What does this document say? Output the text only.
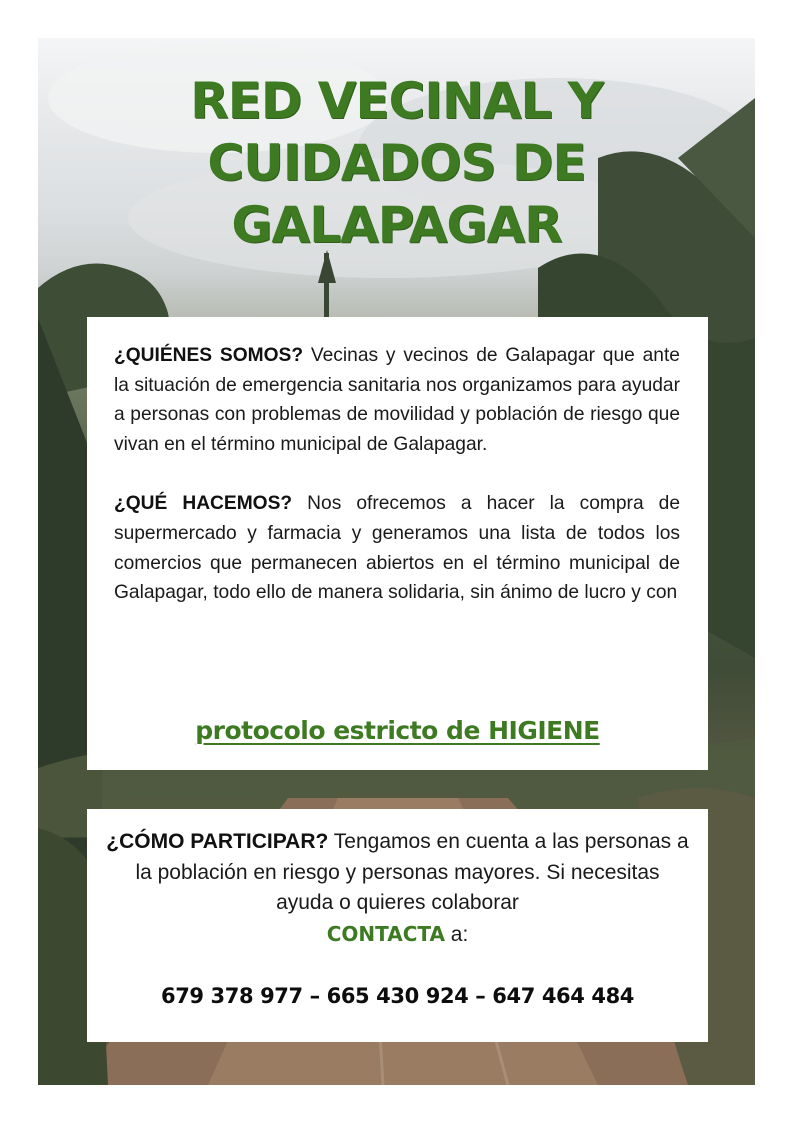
RED VECINAL Y
CUIDADOS DE
GALAPAGAR

¿QUIÉNES SOMOS? Vecinas y vecinos de Galapagar que ante la situación de emergencia sanitaria nos organizamos para ayudar a personas con problemas de movilidad y población de riesgo que vivan en el término municipal de Galapagar.

¿QUÉ HACEMOS? Nos ofrecemos a hacer la compra de supermercado y farmacia y generamos una lista de todos los comercios que permanecen abiertos en el término municipal de Galapagar, todo ello de manera solidaria, sin ánimo de lucro y con

protocolo estricto de HIGIENE

¿CÓMO PARTICIPAR? Tengamos en cuenta a las personas a la población en riesgo y personas mayores. Si necesitas ayuda o quieres colaborar
CONTACTA a:

679 378 977 – 665 430 924 – 647 464 484
